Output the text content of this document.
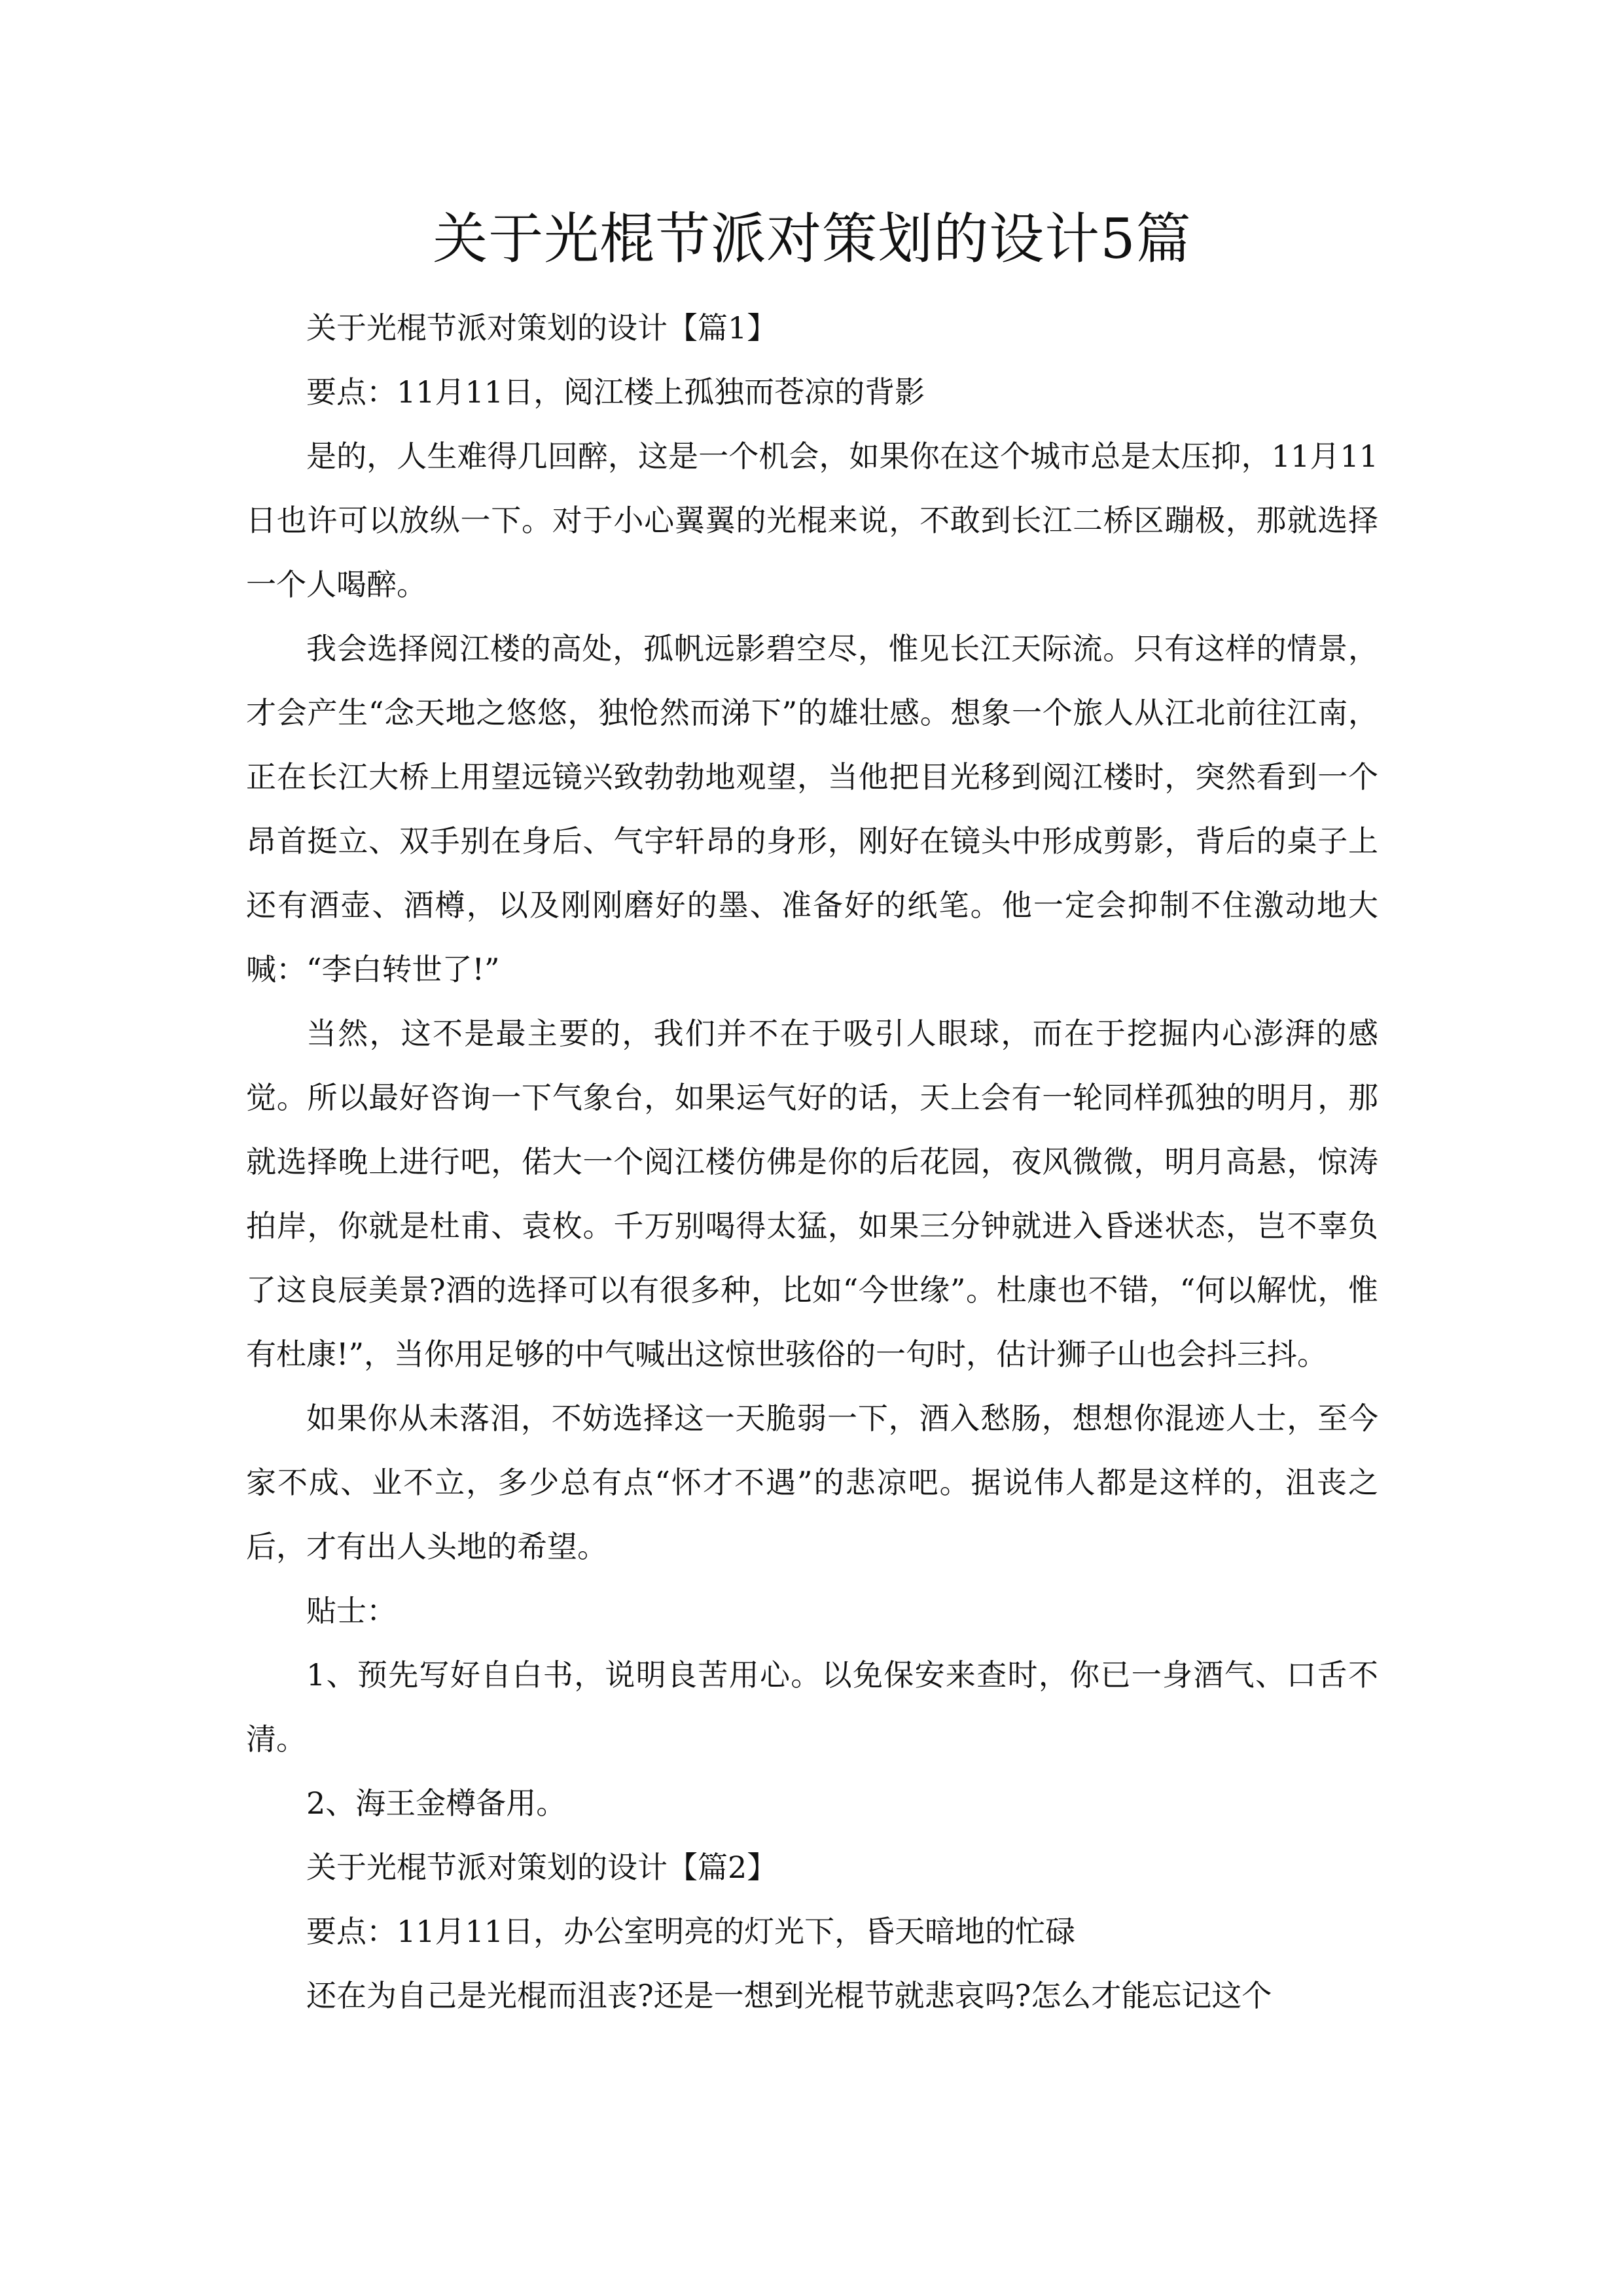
关于光棍节派对策划的设计5篇

关于光棍节派对策划的设计【篇1】

要点：11月11日，阅江楼上孤独而苍凉的背影

是的，人生难得几回醉，这是一个机会，如果你在这个城市总是太压抑，11月11日也许可以放纵一下。对于小心翼翼的光棍来说，不敢到长江二桥区蹦极，那就选择一个人喝醉。

我会选择阅江楼的高处，孤帆远影碧空尽，惟见长江天际流。只有这样的情景，才会产生“念天地之悠悠，独怆然而涕下”的雄壮感。想象一个旅人从江北前往江南，正在长江大桥上用望远镜兴致勃勃地观望，当他把目光移到阅江楼时，突然看到一个昂首挺立、双手别在身后、气宇轩昂的身形，刚好在镜头中形成剪影，背后的桌子上还有酒壶、酒樽，以及刚刚磨好的墨、准备好的纸笔。他一定会抑制不住激动地大喊：“李白转世了!”

当然，这不是最主要的，我们并不在于吸引人眼球，而在于挖掘内心澎湃的感觉。所以最好咨询一下气象台，如果运气好的话，天上会有一轮同样孤独的明月，那就选择晚上进行吧，偌大一个阅江楼仿佛是你的后花园，夜风微微，明月高悬，惊涛拍岸，你就是杜甫、袁枚。千万别喝得太猛，如果三分钟就进入昏迷状态，岂不辜负了这良辰美景?酒的选择可以有很多种，比如“今世缘”。杜康也不错，“何以解忧，惟有杜康!”，当你用足够的中气喊出这惊世骇俗的一句时，估计狮子山也会抖三抖。

如果你从未落泪，不妨选择这一天脆弱一下，酒入愁肠，想想你混迹人士，至今家不成、业不立，多少总有点“怀才不遇”的悲凉吧。据说伟人都是这样的，沮丧之后，才有出人头地的希望。

贴士：

1、预先写好自白书，说明良苦用心。以免保安来查时，你已一身酒气、口舌不清。

2、海王金樽备用。

关于光棍节派对策划的设计【篇2】

要点：11月11日，办公室明亮的灯光下，昏天暗地的忙碌

还在为自己是光棍而沮丧?还是一想到光棍节就悲哀吗?怎么才能忘记这个
